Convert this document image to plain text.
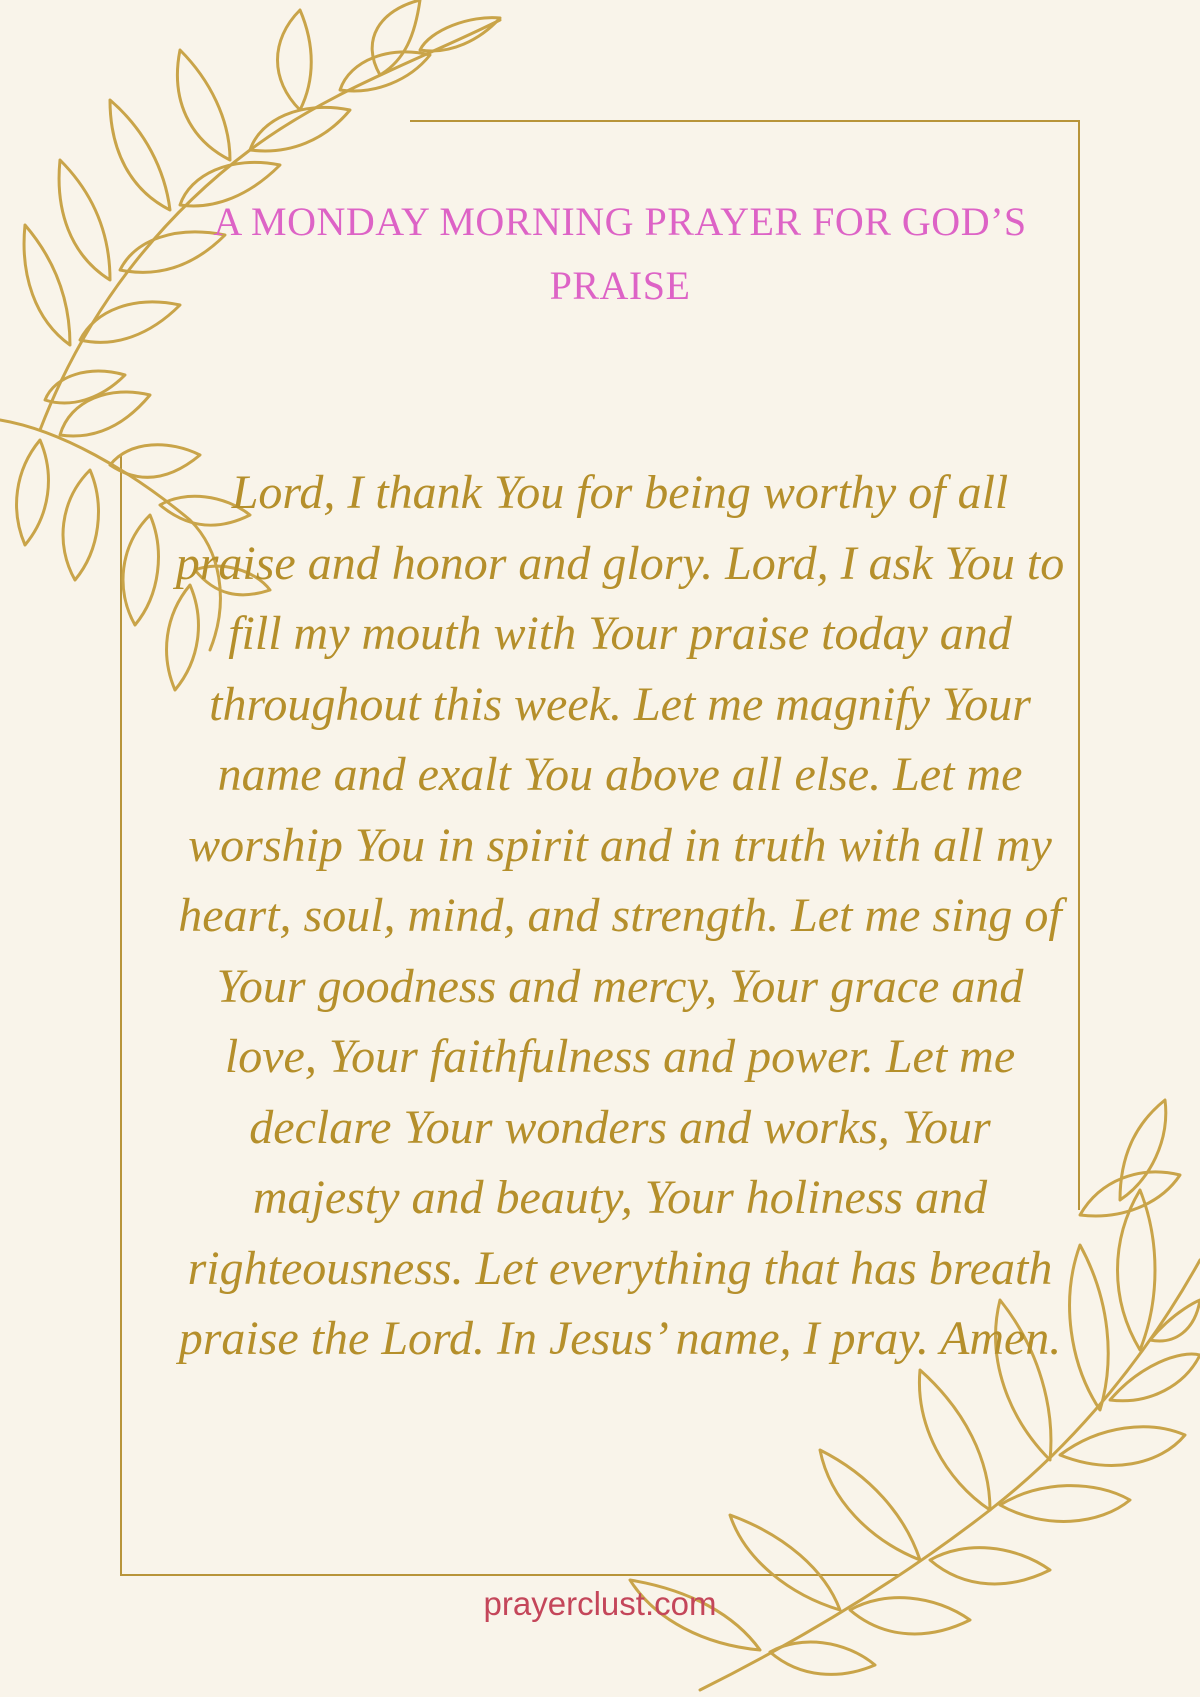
A MONDAY MORNING PRAYER FOR GOD’S PRAISE

Lord, I thank You for being worthy of all praise and honor and glory. Lord, I ask You to fill my mouth with Your praise today and throughout this week. Let me magnify Your name and exalt You above all else. Let me worship You in spirit and in truth with all my heart, soul, mind, and strength. Let me sing of Your goodness and mercy, Your grace and love, Your faithfulness and power. Let me declare Your wonders and works, Your majesty and beauty, Your holiness and righteousness. Let everything that has breath praise the Lord. In Jesus’ name, I pray. Amen.

prayerclust.com
